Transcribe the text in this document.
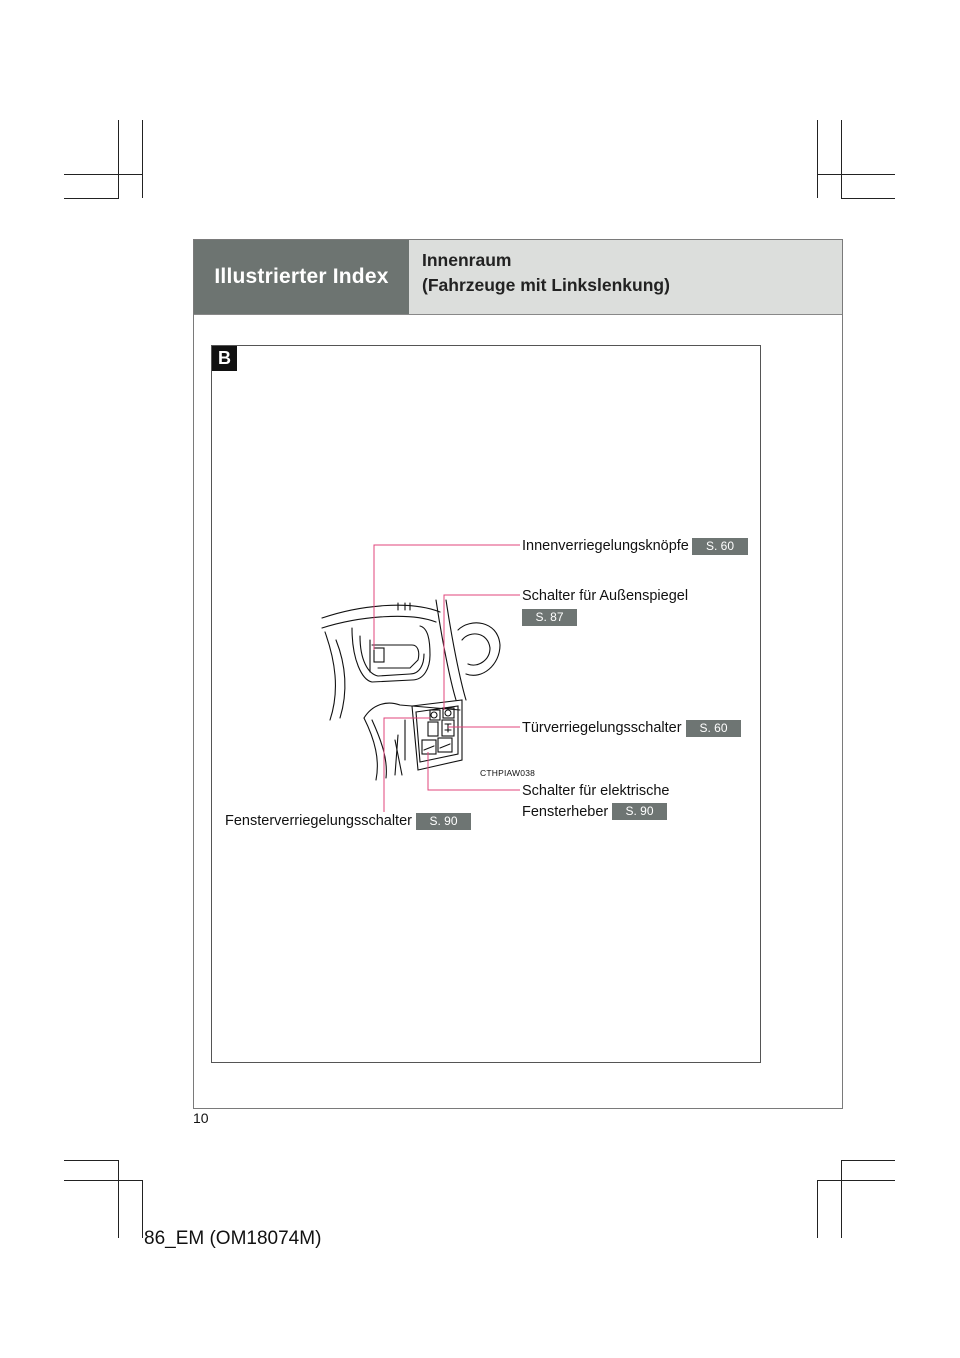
Illustrierter Index
Innenraum
(Fahrzeuge mit Linkslenkung)
B
Innenverriegelungsknöpfe	S. 60
Schalter für Außenspiegel
S. 87
Türverriegelungsschalter	S. 60
CTHPIAW038
Schalter für elektrische
Fensterheber	S. 90
Fensterverriegelungsschalter	S. 90
10
86_EM (OM18074M)
